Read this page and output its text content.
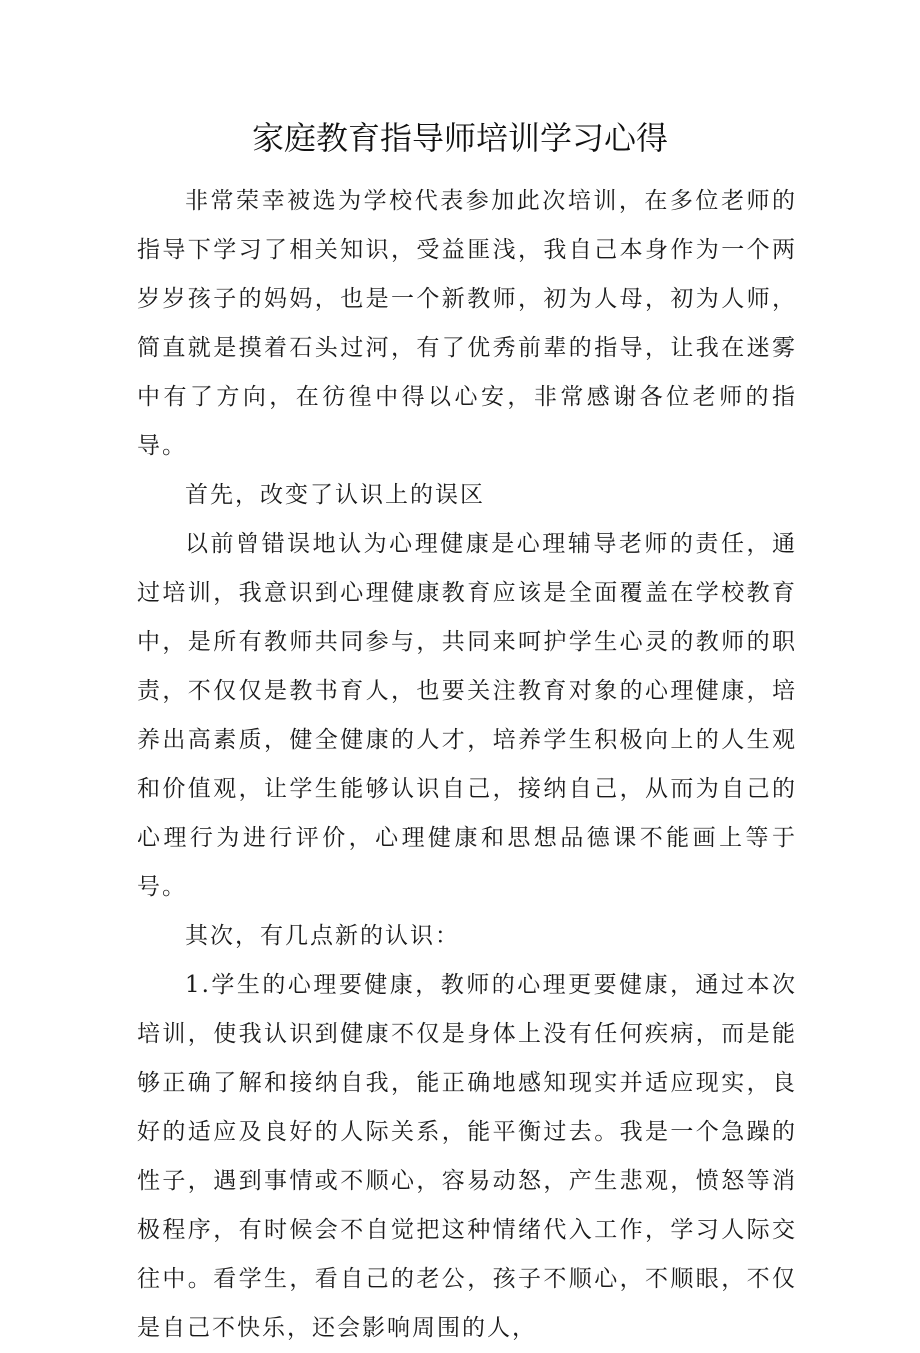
家庭教育指导师培训学习心得

非常荣幸被选为学校代表参加此次培训，在多位老师的指导下学习了相关知识，受益匪浅，我自己本身作为一个两岁岁孩子的妈妈，也是一个新教师，初为人母，初为人师，简直就是摸着石头过河，有了优秀前辈的指导，让我在迷雾中有了方向，在彷徨中得以心安，非常感谢各位老师的指导。

首先，改变了认识上的误区

以前曾错误地认为心理健康是心理辅导老师的责任，通过培训，我意识到心理健康教育应该是全面覆盖在学校教育中，是所有教师共同参与，共同来呵护学生心灵的教师的职责，不仅仅是教书育人，也要关注教育对象的心理健康，培养出高素质，健全健康的人才，培养学生积极向上的人生观和价值观，让学生能够认识自己，接纳自己，从而为自己的心理行为进行评价，心理健康和思想品德课不能画上等于号。

其次，有几点新的认识：

1.学生的心理要健康，教师的心理更要健康，通过本次培训，使我认识到健康不仅是身体上没有任何疾病，而是能够正确了解和接纳自我，能正确地感知现实并适应现实，良好的适应及良好的人际关系，能平衡过去。我是一个急躁的性子，遇到事情或不顺心，容易动怒，产生悲观，愤怒等消极程序，有时候会不自觉把这种情绪代入工作，学习人际交往中。看学生，看自己的老公，孩子不顺心，不顺眼，不仅是自己不快乐，还会影响周围的人，
